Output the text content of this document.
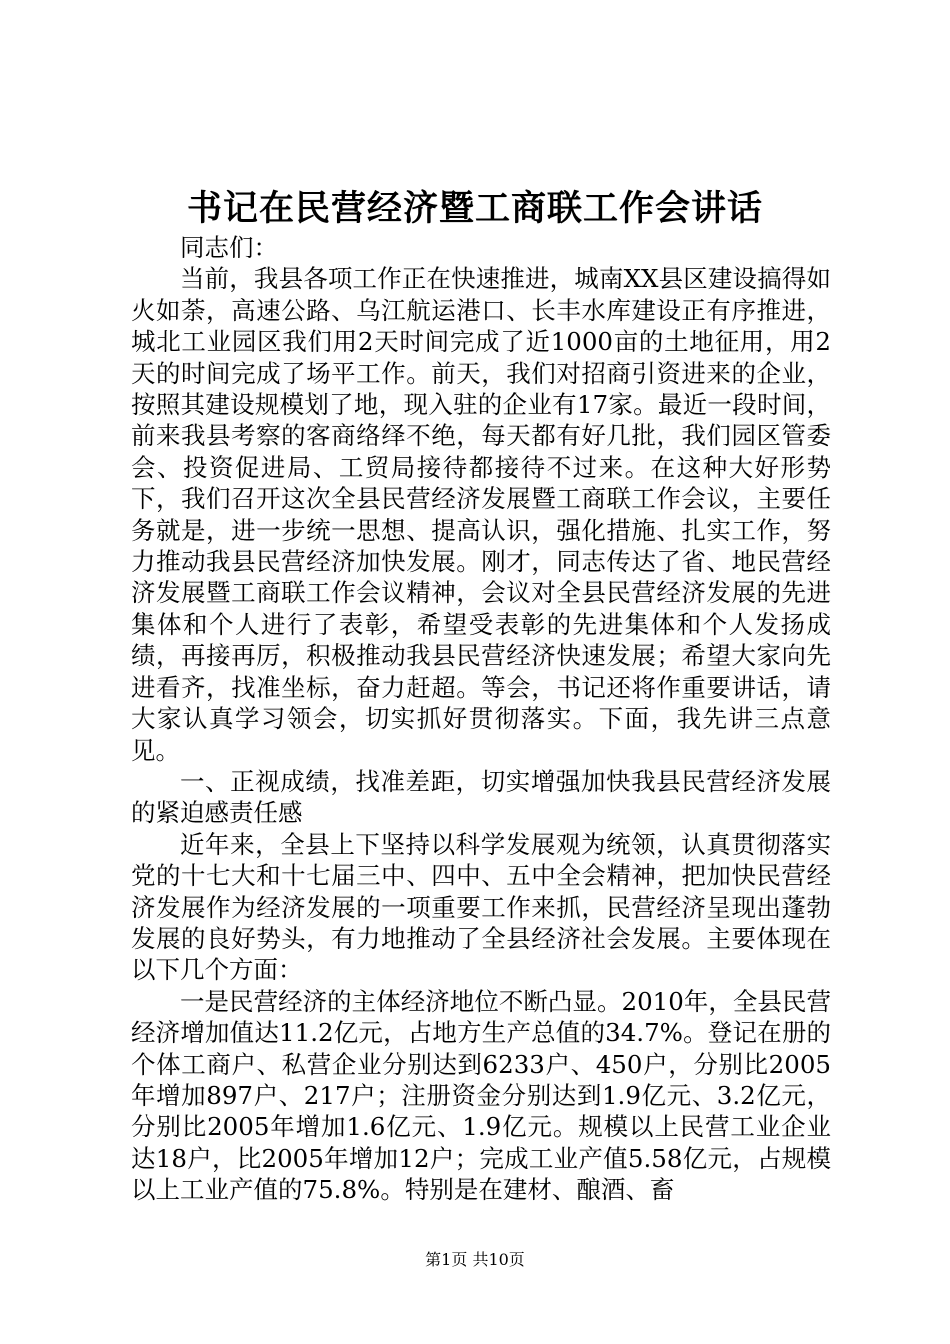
书记在民营经济暨工商联工作会讲话

同志们：

当前，我县各项工作正在快速推进，城南XX县区建设搞得如火如荼，高速公路、乌江航运港口、长丰水库建设正有序推进，城北工业园区我们用2天时间完成了近1000亩的土地征用，用2天的时间完成了场平工作。前天，我们对招商引资进来的企业，按照其建设规模划了地，现入驻的企业有17家。最近一段时间，前来我县考察的客商络绎不绝，每天都有好几批，我们园区管委会、投资促进局、工贸局接待都接待不过来。在这种大好形势下，我们召开这次全县民营经济发展暨工商联工作会议，主要任务就是，进一步统一思想、提高认识，强化措施、扎实工作，努力推动我县民营经济加快发展。刚才，同志传达了省、地民营经济发展暨工商联工作会议精神，会议对全县民营经济发展的先进集体和个人进行了表彰，希望受表彰的先进集体和个人发扬成绩，再接再厉，积极推动我县民营经济快速发展；希望大家向先进看齐，找准坐标，奋力赶超。等会，书记还将作重要讲话，请大家认真学习领会，切实抓好贯彻落实。下面，我先讲三点意见。

一、正视成绩，找准差距，切实增强加快我县民营经济发展的紧迫感责任感

近年来，全县上下坚持以科学发展观为统领，认真贯彻落实党的十七大和十七届三中、四中、五中全会精神，把加快民营经济发展作为经济发展的一项重要工作来抓，民营经济呈现出蓬勃发展的良好势头，有力地推动了全县经济社会发展。主要体现在以下几个方面：

一是民营经济的主体经济地位不断凸显。2010年，全县民营经济增加值达11.2亿元，占地方生产总值的34.7%。登记在册的个体工商户、私营企业分别达到6233户、450户，分别比2005年增加897户、217户；注册资金分别达到1.9亿元、3.2亿元，分别比2005年增加1.6亿元、1.9亿元。规模以上民营工业企业达18户，比2005年增加12户；完成工业产值5.58亿元，占规模以上工业产值的75.8%。特别是在建材、酿酒、畜

第1页 共10页
